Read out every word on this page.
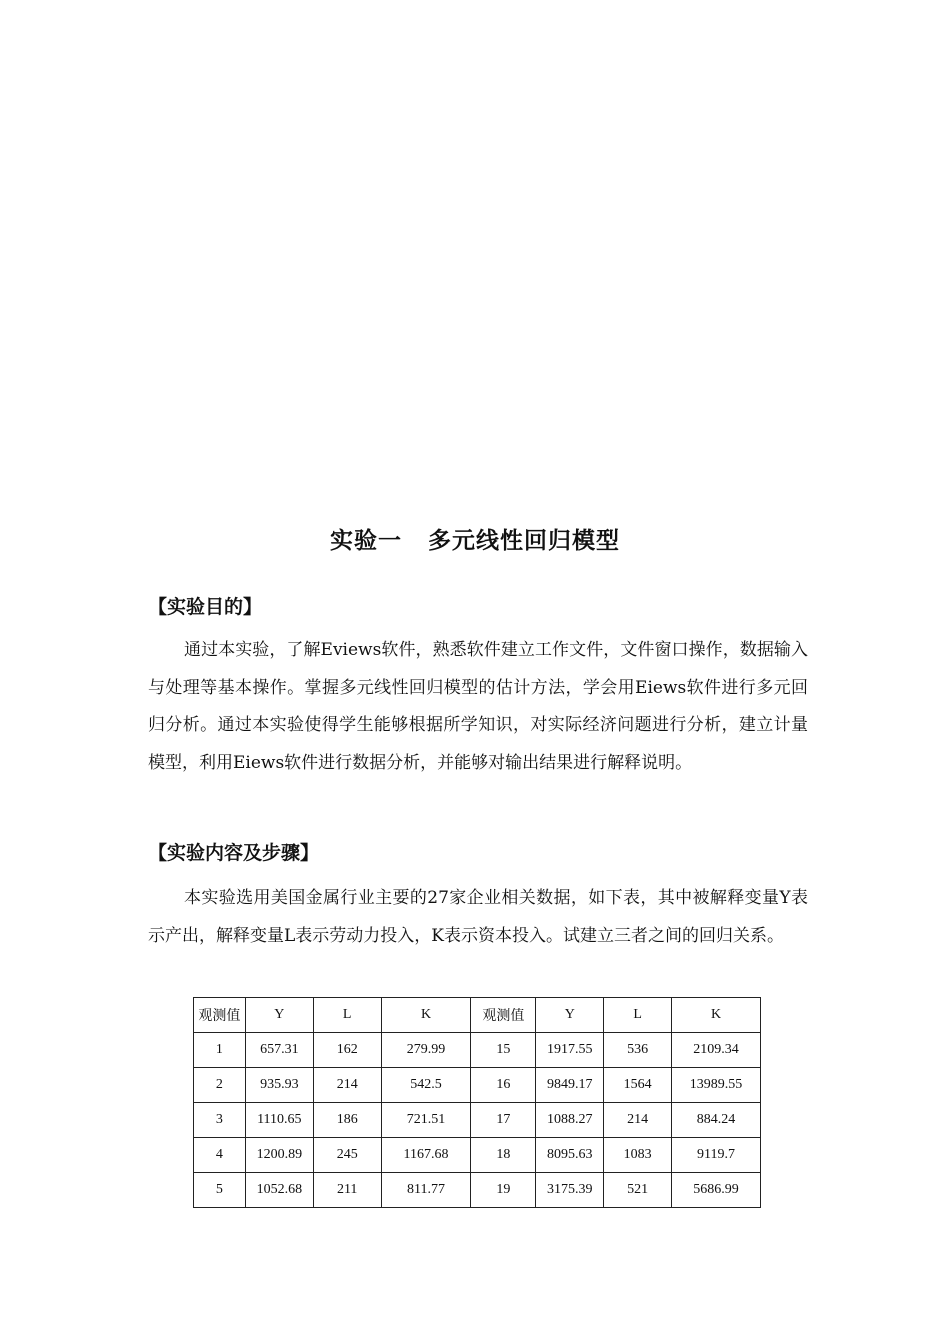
实验一 多元线性回归模型
【实验目的】

通过本实验，了解Eviews软件，熟悉软件建立工作文件，文件窗口操作，数据输入与处理等基本操作。掌握多元线性回归模型的估计方法，学会用Eiews软件进行多元回归分析。通过本实验使得学生能够根据所学知识，对实际经济问题进行分析，建立计量模型，利用Eiews软件进行数据分析，并能够对输出结果进行解释说明。

【实验内容及步骤】

本实验选用美国金属行业主要的27家企业相关数据，如下表，其中被解释变量Y表示产出，解释变量L表示劳动力投入，K表示资本投入。试建立三者之间的回归关系。

观测值	Y	L	K	观测值	Y	L	K
1	657.31	162	279.99	15	1917.55	536	2109.34
2	935.93	214	542.5	16	9849.17	1564	13989.55
3	1110.65	186	721.51	17	1088.27	214	884.24
4	1200.89	245	1167.68	18	8095.63	1083	9119.7
5	1052.68	211	811.77	19	3175.39	521	5686.99
